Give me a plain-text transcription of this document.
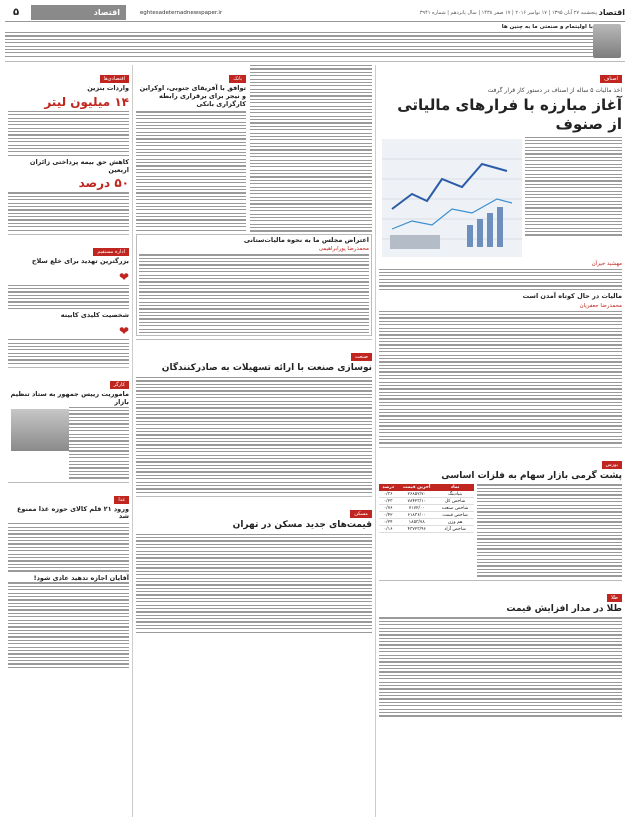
اقتصاد
پنجشنبه ۲۷ آبان ۱۳۹۵ | ۱۷ نوامبر ۲۰۱۶ | ۱۷ صفر ۱۴۳۸ | سال پانزدهم | شماره ۳۹۴۱
eghtesadeternadnewspaper.ir
اقتصاد
۵
با اولیتمام و صنعتی ما به چنین ها
اصناف
اخذ مالیات ۵ ساله از اصناف در دستور کار قرار گرفت
آغاز مبارزه با فرارهای مالیاتی از صنوف
مهشید خیرآن
مالیات در حال کوتاه آمدن است
محمدرضا جعفریان
بورس
پشت گرمی بازار سهام به فلزات اساسی
نماد	آخرین قیمت	درصد
بنیادینگ	۲۶۸۵۲/۷۰	۰/۳۶
شاخص کل	۷۸۴۲۳/۱۰	۰/۲۳
شاخص صنعت	۷۱۷۲/۰۰	۰/۷۶
شاخص قیمت	۶۱۸۳۶/۰۰	۰/۴۲
هم وزن	۱۸۵۳/۷۸	۰/۲۴
شاخص آزاد	۴۳۷۲۳/۹۶	۰/۱۶
طلا
طلا در مدار افزایش قیمت
بانک
توافق با آفریقای جنوبی، اوکراین و نیجر برای برقراری رابطه کارگزاری بانکی
اعتراض مجلس ما به نحوه مالیات‌ستانی
محمدرضا پورابراهیمی
صنعت
نوسازی صنعت با ارائه تسهیلات به صادرکنندگان
مسکن
قیمت‌های جدید مسکن در تهران
اقتصادی‌ها
واردات بنزین
۱۴ میلیون لیتر
کاهش حق بیمه پرداختی زائران اربعین
۵۰ درصد
اداره مستقیم
بزرگترین تهدید برای خلع سلاح
❤
شخصیت کلیدی کابینه
❤
کارگر
ماموریت رییس جمهور به ستاد تنظیم بازار
غذا
ورود ۲۱ قلم کالای حوزه غذا ممنوع شد
آقایان اجازه تدهید عادی شود!
